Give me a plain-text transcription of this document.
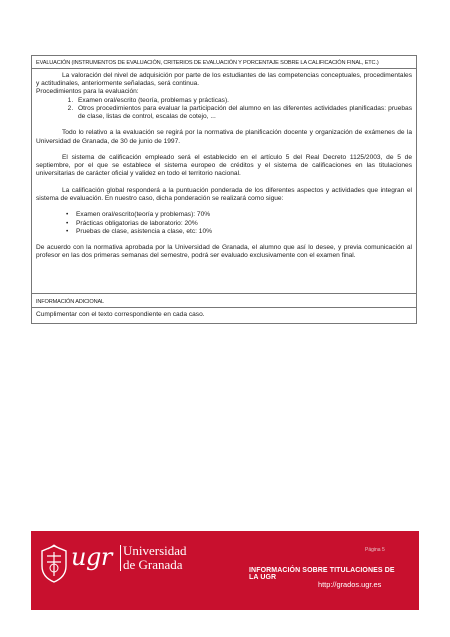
EVALUACIÓN (INSTRUMENTOS DE EVALUACIÓN, CRITERIOS DE EVALUACIÓN Y PORCENTAJE SOBRE LA CALIFICACIÓN FINAL, ETC.)

La valoración del nivel de adquisición por parte de los estudiantes de las competencias conceptuales, procedimentales y actitudinales, anteriormente señaladas, será continua.

Procedimientos para la evaluación:

1. Examen oral/escrito (teoría, problemas y prácticas).
2. Otros procedimientos para evaluar la participación del alumno en las diferentes actividades planificadas: pruebas de clase, listas de control, escalas de cotejo, ...

Todo lo relativo a la evaluación se regirá por la normativa de planificación docente y organización de exámenes de la Universidad de Granada, de 30 de junio de 1997.

El sistema de calificación empleado será el establecido en el artículo 5 del Real Decreto 1125/2003, de 5 de septiembre, por el que se establece el sistema europeo de créditos y el sistema de calificaciones en las titulaciones universitarias de carácter oficial y validez en todo el territorio nacional.

La calificación global responderá a la puntuación ponderada de los diferentes aspectos y actividades que integran el sistema de evaluación. En nuestro caso, dicha ponderación se realizará como sigue:

• Examen oral/escrito(teoría y problemas): 70%
• Prácticas obligatorias de laboratorio: 20%
• Pruebas de clase, asistencia a clase, etc: 10%

De acuerdo con la normativa aprobada por la Universidad de Granada, el alumno que así lo desee, y previa comunicación al profesor en las dos primeras semanas del semestre, podrá ser evaluado exclusivamente con el examen final.

INFORMACIÓN ADICIONAL
Cumplimentar con el texto correspondiente en cada caso.
ugr Universidad
de Granada
Página 5
INFORMACIÓN SOBRE TITULACIONES DE LA UGR
http://grados.ugr.es
